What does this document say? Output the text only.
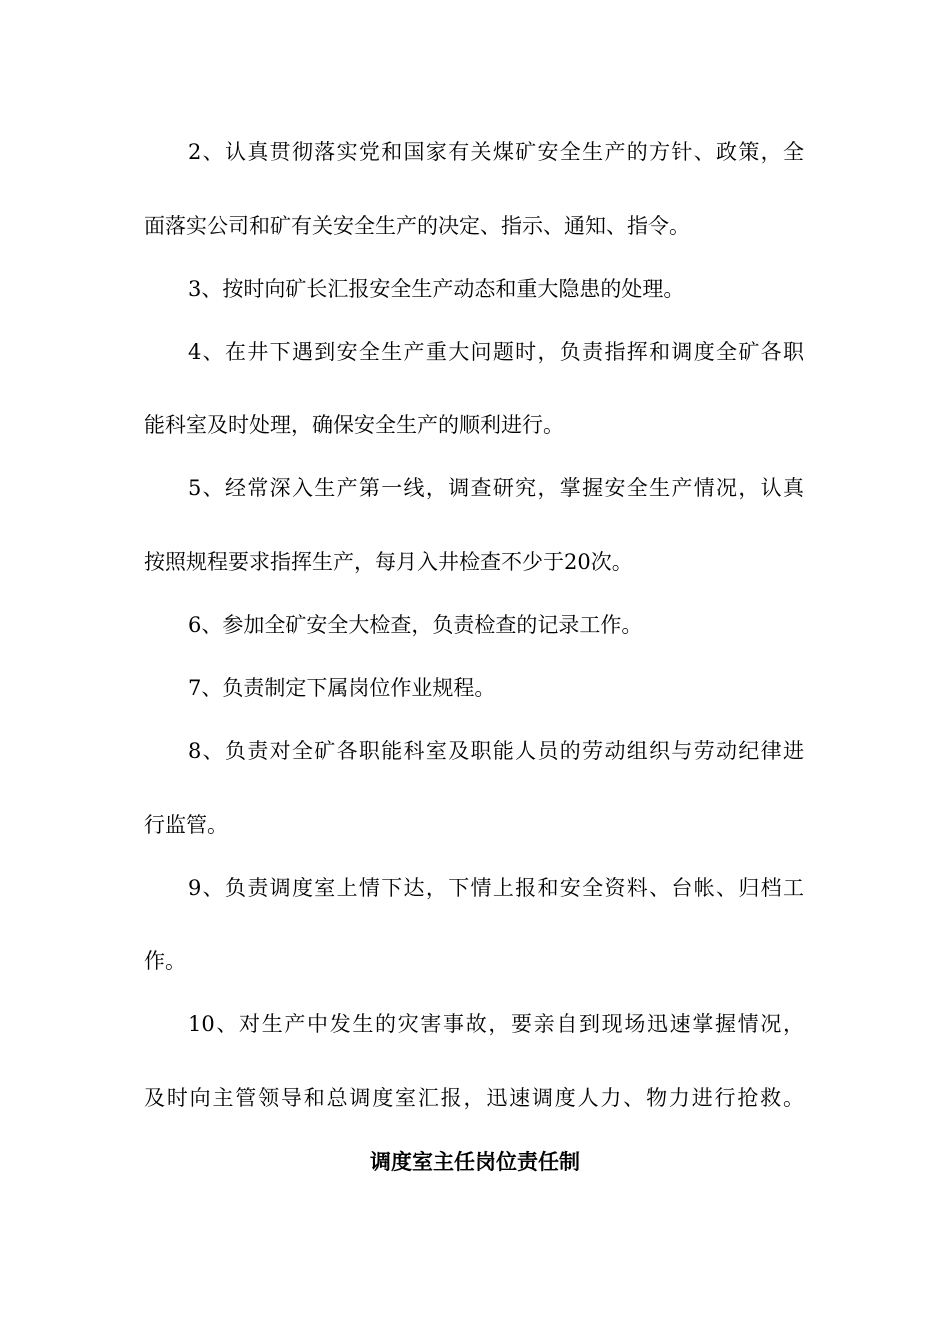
2、认真贯彻落实党和国家有关煤矿安全生产的方针、政策，全
面落实公司和矿有关安全生产的决定、指示、通知、指令。
3、按时向矿长汇报安全生产动态和重大隐患的处理。
4、在井下遇到安全生产重大问题时，负责指挥和调度全矿各职
能科室及时处理，确保安全生产的顺利进行。
5、经常深入生产第一线，调查研究，掌握安全生产情况，认真
按照规程要求指挥生产，每月入井检查不少于20次。
6、参加全矿安全大检查，负责检查的记录工作。
7、负责制定下属岗位作业规程。
8、负责对全矿各职能科室及职能人员的劳动组织与劳动纪律进
行监管。
9、负责调度室上情下达，下情上报和安全资料、台帐、归档工
作。
10、对生产中发生的灾害事故，要亲自到现场迅速掌握情况，
及时向主管领导和总调度室汇报，迅速调度人力、物力进行抢救。
调度室主任岗位责任制
